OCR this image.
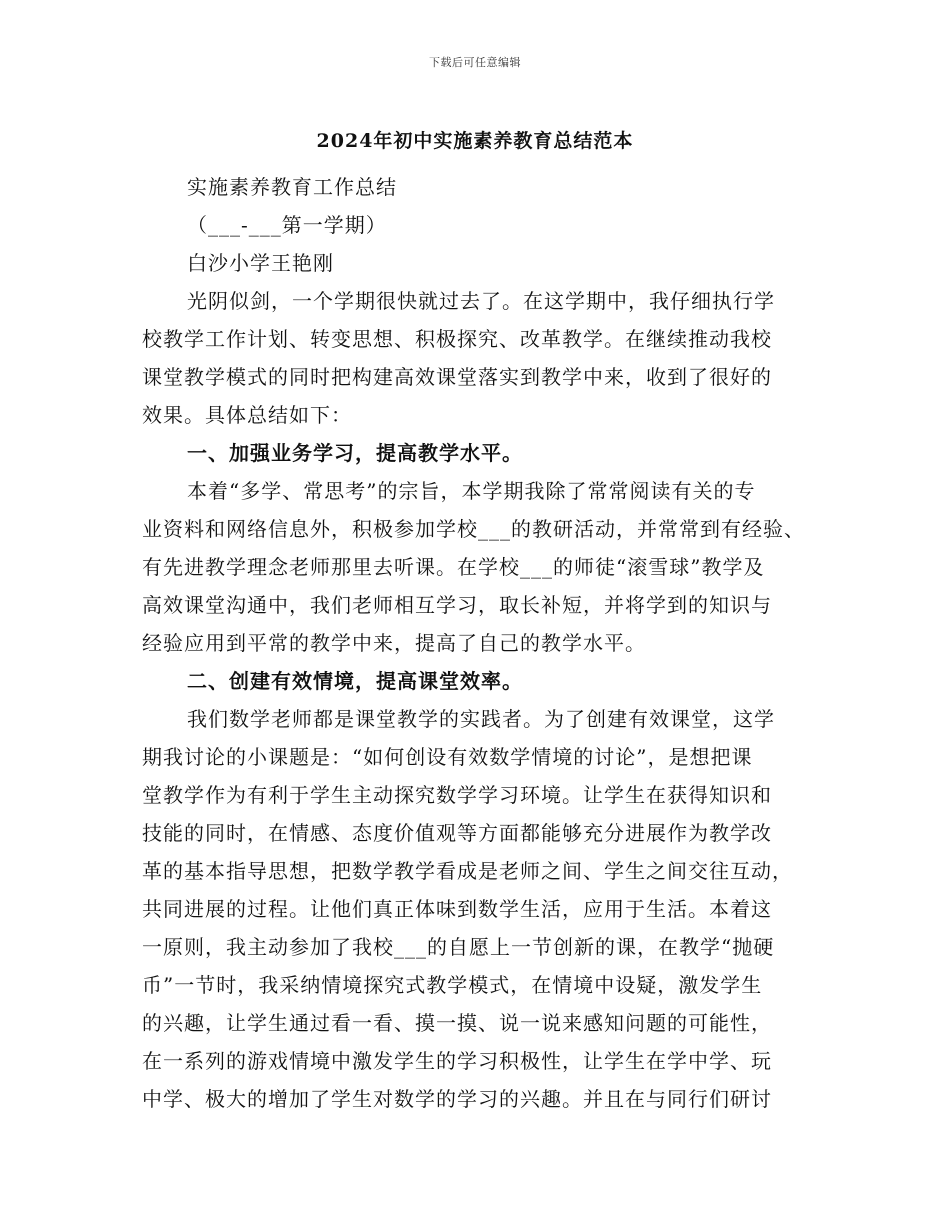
下载后可任意编辑
2024年初中实施素养教育总结范本
实施素养教育工作总结
（___-___第一学期）
白沙小学王艳刚
光阴似剑，一个学期很快就过去了。在这学期中，我仔细执行学
校教学工作计划、转变思想、积极探究、改革教学。在继续推动我校
课堂教学模式的同时把构建高效课堂落实到教学中来，收到了很好的
效果。具体总结如下：
一、加强业务学习，提高教学水平。
本着“多学、常思考”的宗旨，本学期我除了常常阅读有关的专
业资料和网络信息外，积极参加学校___的教研活动，并常常到有经验、
有先进教学理念老师那里去听课。在学校___的师徒“滚雪球”教学及
高效课堂沟通中，我们老师相互学习，取长补短，并将学到的知识与
经验应用到平常的教学中来，提高了自己的教学水平。
二、创建有效情境，提高课堂效率。
我们数学老师都是课堂教学的实践者。为了创建有效课堂，这学
期我讨论的小课题是：“如何创设有效数学情境的讨论”，是想把课
堂教学作为有利于学生主动探究数学学习环境。让学生在获得知识和
技能的同时，在情感、态度价值观等方面都能够充分进展作为教学改
革的基本指导思想，把数学教学看成是老师之间、学生之间交往互动，
共同进展的过程。让他们真正体味到数学生活，应用于生活。本着这
一原则，我主动参加了我校___的自愿上一节创新的课，在教学“抛硬
币”一节时，我采纳情境探究式教学模式，在情境中设疑，激发学生
的兴趣，让学生通过看一看、摸一摸、说一说来感知问题的可能性，
在一系列的游戏情境中激发学生的学习积极性，让学生在学中学、玩
中学、极大的增加了学生对数学的学习的兴趣。并且在与同行们研讨
